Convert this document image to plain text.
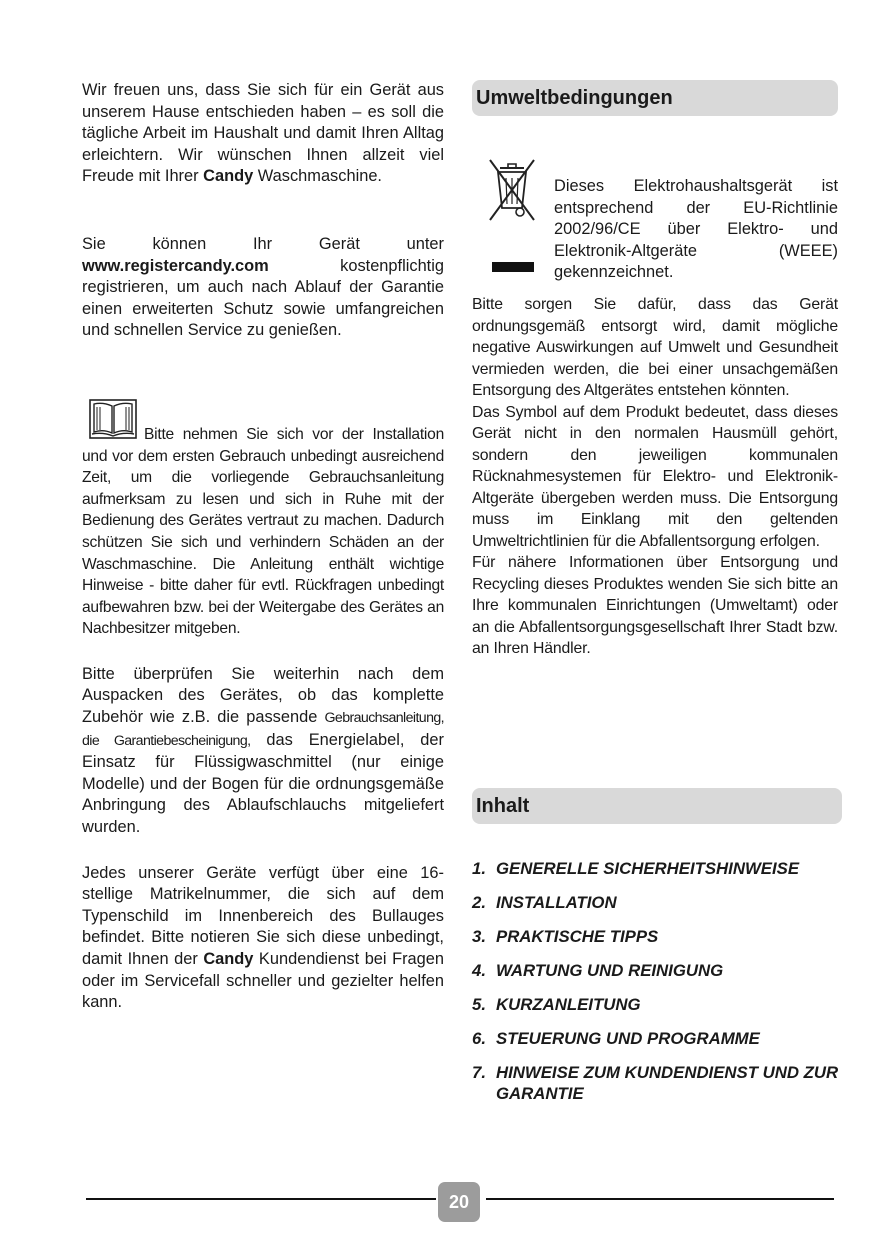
Wir freuen uns, dass Sie sich für ein Gerät aus unserem Hause entschieden haben – es soll die tägliche Arbeit im Haushalt und damit Ihren Alltag erleichtern. Wir wünschen Ihnen allzeit viel Freude mit Ihrer Candy Waschmaschine.

Sie können Ihr Gerät unter www.registercandy.com kostenpflichtig registrieren, um auch nach Ablauf der Garantie einen erweiterten Schutz sowie umfangreichen und schnellen Service zu genießen.

Bitte nehmen Sie sich vor der Installation und vor dem ersten Gebrauch unbedingt ausreichend Zeit, um die vorliegende Gebrauchsanleitung aufmerksam zu lesen und sich in Ruhe mit der Bedienung des Gerätes vertraut zu machen. Dadurch schützen Sie sich und verhindern Schäden an der Waschmaschine. Die Anleitung enthält wichtige Hinweise - bitte daher für evtl. Rückfragen unbedingt aufbewahren bzw. bei der Weitergabe des Gerätes an Nachbesitzer mitgeben.

Bitte überprüfen Sie weiterhin nach dem Auspacken des Gerätes, ob das komplette Zubehör wie z.B. die passende Gebrauchsanleitung, die Garantiebescheinigung, das Energielabel, der Einsatz für Flüssigwaschmittel (nur einige Modelle) und der Bogen für die ordnungsgemäße Anbringung des Ablaufschlauchs mitgeliefert wurden.

Jedes unserer Geräte verfügt über eine 16-stellige Matrikelnummer, die sich auf dem Typenschild im Innenbereich des Bullauges befindet. Bitte notieren Sie sich diese unbedingt, damit Ihnen der Candy Kundendienst bei Fragen oder im Servicefall schneller und gezielter helfen kann.

Umweltbedingungen

Dieses Elektrohaushaltsgerät ist entsprechend der EU-Richtlinie 2002/96/CE über Elektro- und Elektronik-Altgeräte (WEEE) gekennzeichnet.

Bitte sorgen Sie dafür, dass das Gerät ordnungsgemäß entsorgt wird, damit mögliche negative Auswirkungen auf Umwelt und Gesundheit vermieden werden, die bei einer unsachgemäßen Entsorgung des Altgerätes entstehen könnten.

Das Symbol auf dem Produkt bedeutet, dass dieses Gerät nicht in den normalen Hausmüll gehört, sondern den jeweiligen kommunalen Rücknahmesystemen für Elektro- und Elektronik-Altgeräte übergeben werden muss. Die Entsorgung muss im Einklang mit den geltenden Umweltrichtlinien für die Abfallentsorgung erfolgen.

Für nähere Informationen über Entsorgung und Recycling dieses Produktes wenden Sie sich bitte an Ihre kommunalen Einrichtungen (Umweltamt) oder an die Abfallentsorgungsgesellschaft Ihrer Stadt bzw. an Ihren Händler.

Inhalt
1. GENERELLE SICHERHEITSHINWEISE
2. INSTALLATION
3. PRAKTISCHE TIPPS
4. WARTUNG UND REINIGUNG
5. KURZANLEITUNG
6. STEUERUNG UND PROGRAMME
7. HINWEISE ZUM KUNDENDIENST UND ZUR GARANTIE
20
